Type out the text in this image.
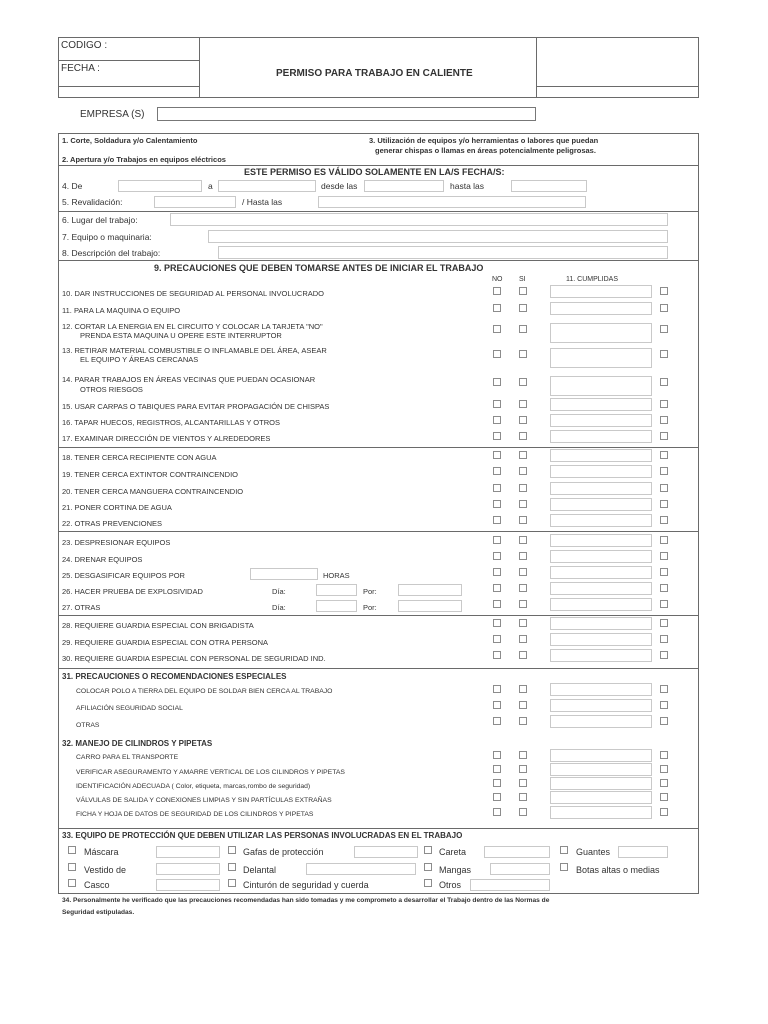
CODIGO :
FECHA :	PERMISO PARA TRABAJO EN CALIENTE
EMPRESA (S)
1. Corte, Soldadura y/o Calentamiento
2. Apertura y/o Trabajos en equipos eléctricos
3. Utilización de equipos y/o herramientas o labores que puedan
generar chispas o llamas en áreas potencialmente peligrosas.
ESTE PERMISO ES VÁLIDO SOLAMENTE EN LA/S FECHA/S:
4. De	a	desde las	hasta las
5. Revalidación:	/ Hasta las
6. Lugar del trabajo:
7. Equipo o maquinaria:
8. Descripción del trabajo:
9. PRECAUCIONES QUE DEBEN TOMARSE ANTES DE INICIAR EL TRABAJO
NO SI	11. CUMPLIDAS
10. DAR INSTRUCCIONES DE SEGURIDAD AL PERSONAL INVOLUCRADO
11. PARA LA MAQUINA O EQUIPO
12. CORTAR LA ENERGIA EN EL CIRCUITO Y COLOCAR LA TARJETA "NO"
PRENDA ESTA MAQUINA U OPERE ESTE INTERRUPTOR
13. RETIRAR MATERIAL COMBUSTIBLE O INFLAMABLE DEL ÁREA, ASEAR
EL EQUIPO Y ÁREAS CERCANAS
14. PARAR TRABAJOS EN ÁREAS VECINAS QUE PUEDAN OCASIONAR
OTROS RIESGOS
15. USAR CARPAS O TABIQUES PARA EVITAR PROPAGACIÓN DE CHISPAS
16. TAPAR HUECOS, REGISTROS, ALCANTARILLAS Y OTROS
17. EXAMINAR DIRECCIÓN DE VIENTOS Y ALREDEDORES
18. TENER CERCA RECIPIENTE CON AGUA
19. TENER CERCA EXTINTOR CONTRAINCENDIO
20. TENER CERCA MANGUERA CONTRAINCENDIO
21. PONER CORTINA DE AGUA
22. OTRAS PREVENCIONES
23. DESPRESIONAR EQUIPOS
24. DRENAR EQUIPOS
25. DESGASIFICAR EQUIPOS POR	HORAS
26. HACER PRUEBA DE EXPLOSIVIDAD	Día:	Por:
27. OTRAS	Día:	Por:
28. REQUIERE GUARDIA ESPECIAL CON BRIGADISTA
29. REQUIERE GUARDIA ESPECIAL CON OTRA PERSONA
30. REQUIERE GUARDIA ESPECIAL CON PERSONAL DE SEGURIDAD IND.
31. PRECAUCIONES O RECOMENDACIONES ESPECIALES
COLOCAR POLO A TIERRA DEL EQUIPO DE SOLDAR BIEN CERCA AL TRABAJO
AFILIACIÓN SEGURIDAD SOCIAL
OTRAS
32. MANEJO DE CILINDROS Y PIPETAS
CARRO PARA EL TRANSPORTE
VERIFICAR ASEGURAMENTO Y AMARRE VERTICAL DE LOS CILINDROS Y PIPETAS
IDENTIFICACIÓN ADECUADA ( Color, etiqueta, marcas,rombo de seguridad)
VÁLVULAS DE SALIDA Y CONEXIONES LIMPIAS Y SIN PARTÍCULAS EXTRAÑAS
FICHA Y HOJA DE DATOS DE SEGURIDAD DE LOS CILINDROS Y PIPETAS
33. EQUIPO DE PROTECCIÓN QUE DEBEN UTILIZAR LAS PERSONAS INVOLUCRADAS EN EL TRABAJO
Máscara	Gafas de protección	Careta	Guantes
Vestido de	Delantal	Mangas	Botas altas o medias
Casco	Cinturón de seguridad y cuerda	Otros
34. Personalmente he verificado que las precauciones recomendadas han sido tomadas y me comprometo a desarrollar el Trabajo dentro de las Normas de
Seguridad estipuladas.
